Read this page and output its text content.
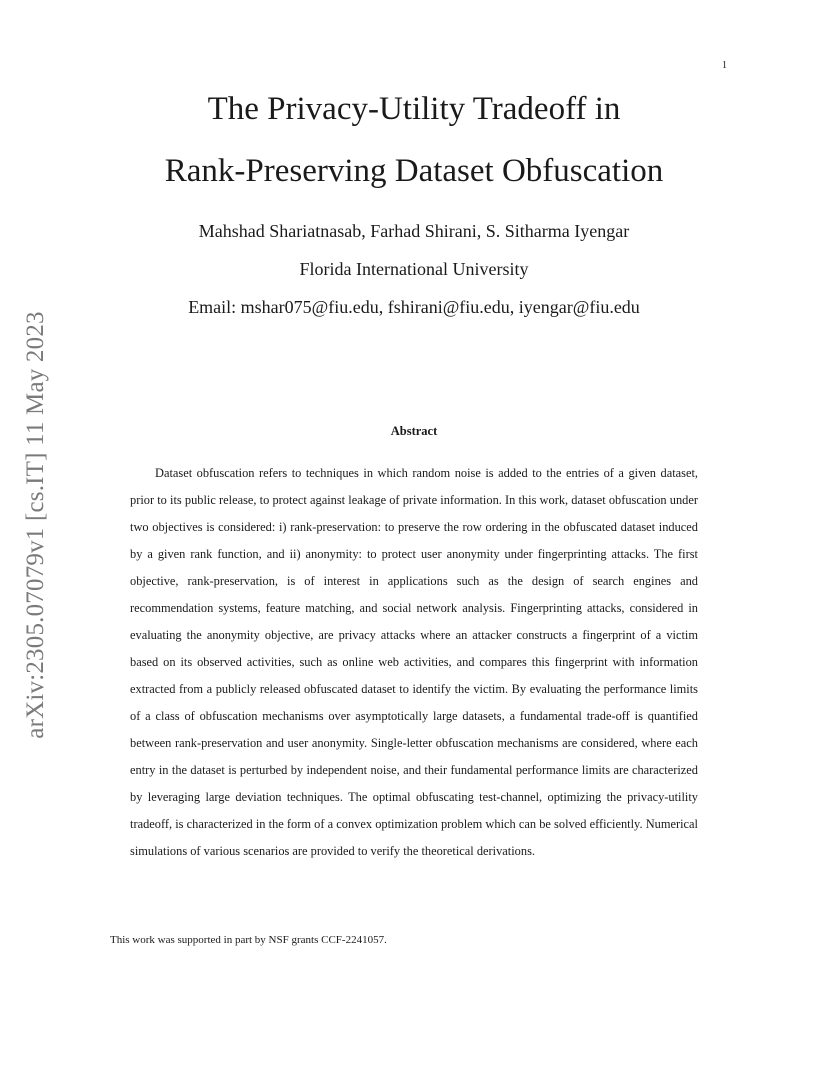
1
arXiv:2305.07079v1 [cs.IT] 11 May 2023
The Privacy-Utility Tradeoff in
Rank-Preserving Dataset Obfuscation
Mahshad Shariatnasab, Farhad Shirani, S. Sitharma Iyengar
Florida International University
Email: mshar075@fiu.edu, fshirani@fiu.edu, iyengar@fiu.edu
Abstract

Dataset obfuscation refers to techniques in which random noise is added to the entries of a given dataset, prior to its public release, to protect against leakage of private information. In this work, dataset obfuscation under two objectives is considered: i) rank-preservation: to preserve the row ordering in the obfuscated dataset induced by a given rank function, and ii) anonymity: to protect user anonymity under fingerprinting attacks. The first objective, rank-preservation, is of interest in applications such as the design of search engines and recommendation systems, feature matching, and social network analysis. Fingerprinting attacks, considered in evaluating the anonymity objective, are privacy attacks where an attacker constructs a fingerprint of a victim based on its observed activities, such as online web activities, and compares this fingerprint with information extracted from a publicly released obfuscated dataset to identify the victim. By evaluating the performance limits of a class of obfuscation mechanisms over asymptotically large datasets, a fundamental trade-off is quantified between rank-preservation and user anonymity. Single-letter obfuscation mechanisms are considered, where each entry in the dataset is perturbed by independent noise, and their fundamental performance limits are characterized by leveraging large deviation techniques. The optimal obfuscating test-channel, optimizing the privacy-utility tradeoff, is characterized in the form of a convex optimization problem which can be solved efficiently. Numerical simulations of various scenarios are provided to verify the theoretical derivations.

This work was supported in part by NSF grants CCF-2241057.
